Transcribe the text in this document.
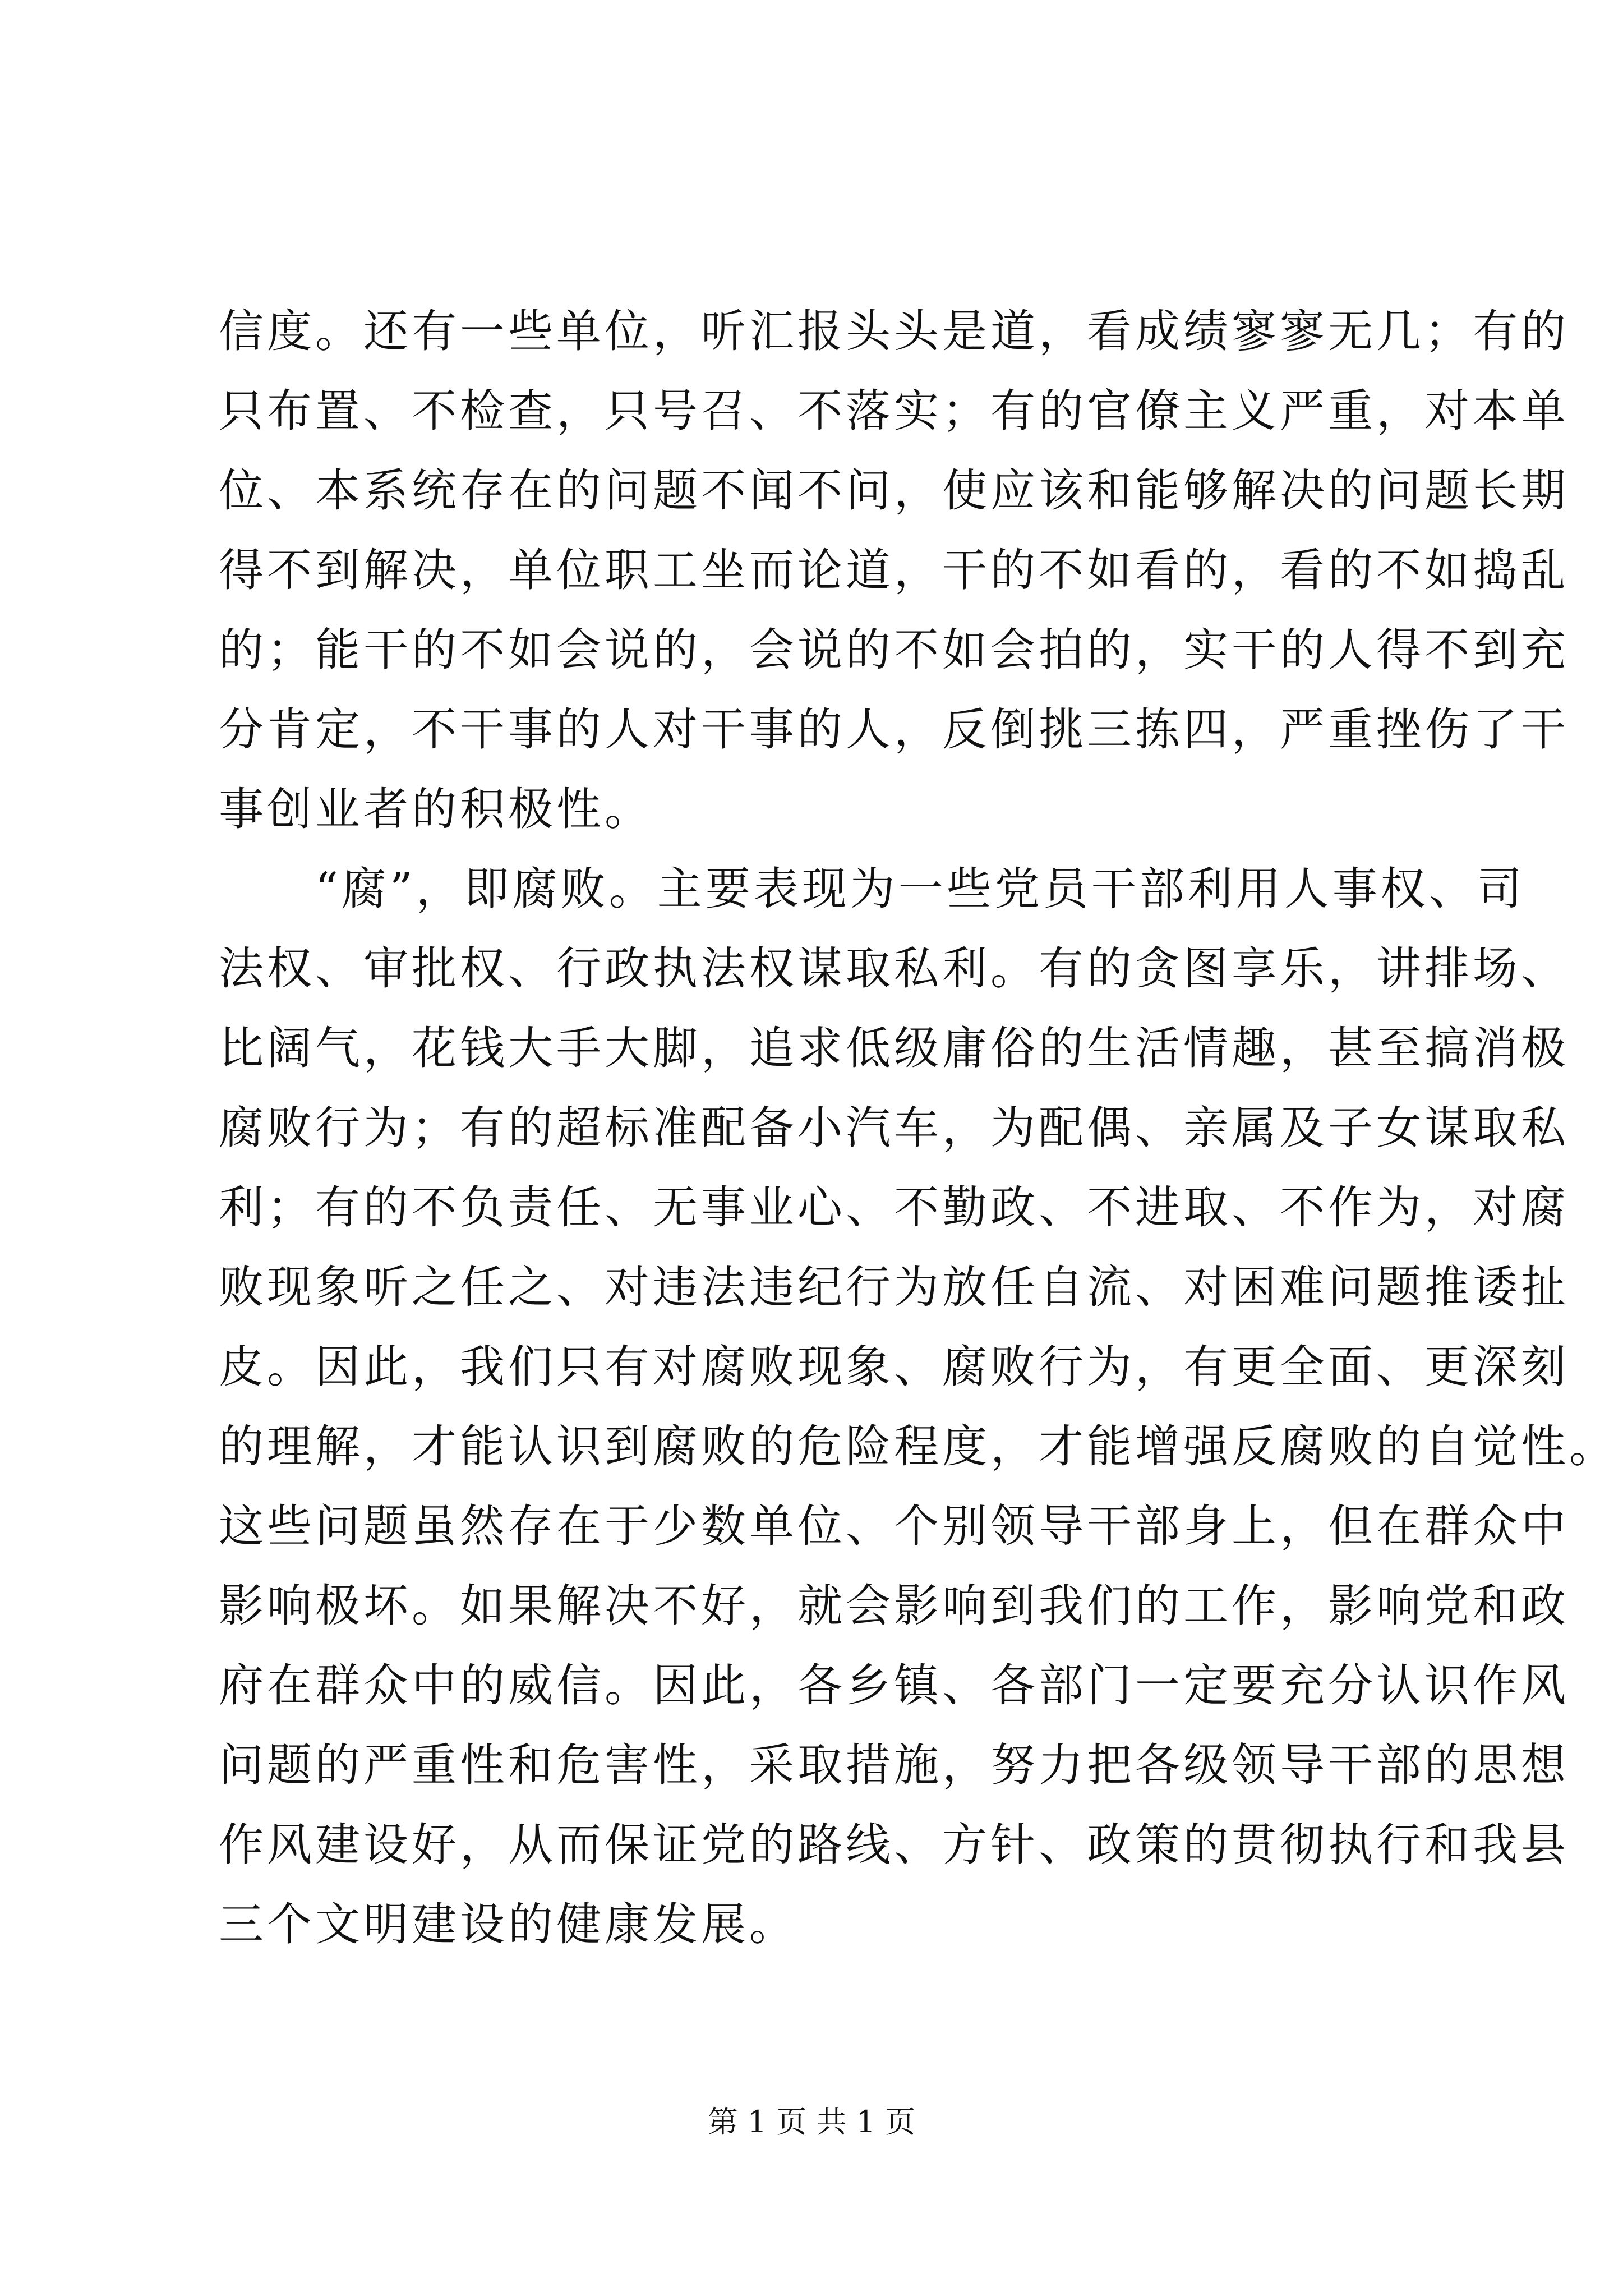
信度。还有一些单位，听汇报头头是道，看成绩寥寥无几；有的
只布置、不检查，只号召、不落实；有的官僚主义严重，对本单
位、本系统存在的问题不闻不问，使应该和能够解决的问题长期
得不到解决，单位职工坐而论道，干的不如看的，看的不如捣乱
的；能干的不如会说的，会说的不如会拍的，实干的人得不到充
分肯定，不干事的人对干事的人，反倒挑三拣四，严重挫伤了干
事创业者的积极性。
　　“腐”，即腐败。主要表现为一些党员干部利用人事权、司
法权、审批权、行政执法权谋取私利。有的贪图享乐，讲排场、
比阔气，花钱大手大脚，追求低级庸俗的生活情趣，甚至搞消极
腐败行为；有的超标准配备小汽车，为配偶、亲属及子女谋取私
利；有的不负责任、无事业心、不勤政、不进取、不作为，对腐
败现象听之任之、对违法违纪行为放任自流、对困难问题推诿扯
皮。因此，我们只有对腐败现象、腐败行为，有更全面、更深刻
的理解，才能认识到腐败的危险程度，才能增强反腐败的自觉性。
这些问题虽然存在于少数单位、个别领导干部身上，但在群众中
影响极坏。如果解决不好，就会影响到我们的工作，影响党和政
府在群众中的威信。因此，各乡镇、各部门一定要充分认识作风
问题的严重性和危害性，采取措施，努力把各级领导干部的思想
作风建设好，从而保证党的路线、方针、政策的贯彻执行和我县
三个文明建设的健康发展。
第 1 页 共 1 页
